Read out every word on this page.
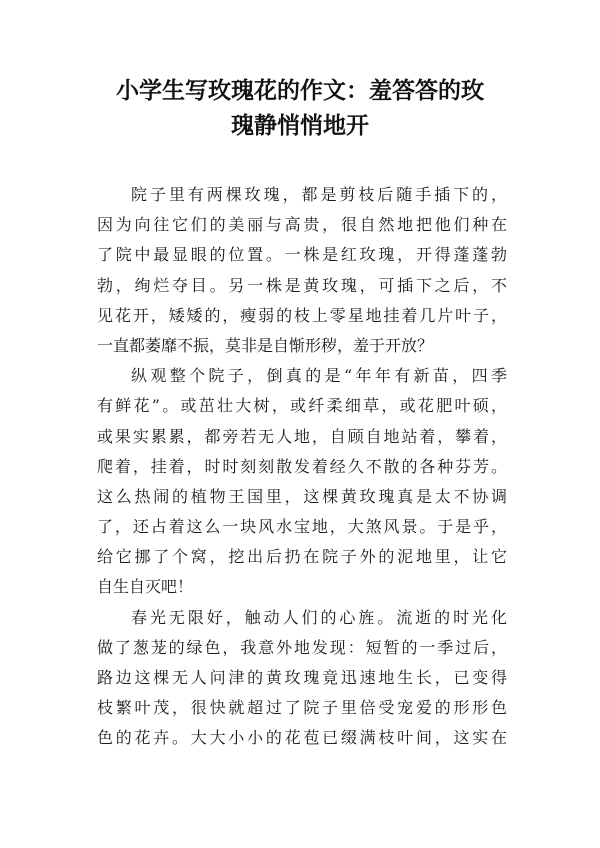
小学生写玫瑰花的作文：羞答答的玫
瑰静悄悄地开
院子里有两棵玫瑰，都是剪枝后随手插下的，
因为向往它们的美丽与高贵，很自然地把他们种在
了院中最显眼的位置。一株是红玫瑰，开得蓬蓬勃
勃，绚烂夺目。另一株是黄玫瑰，可插下之后，不
见花开，矮矮的，瘦弱的枝上零星地挂着几片叶子，
一直都萎靡不振，莫非是自惭形秽，羞于开放？
纵观整个院子，倒真的是“年年有新苗，四季
有鲜花”。或茁壮大树，或纤柔细草，或花肥叶硕，
或果实累累，都旁若无人地，自顾自地站着，攀着，
爬着，挂着，时时刻刻散发着经久不散的各种芬芳。
这么热闹的植物王国里，这棵黄玫瑰真是太不协调
了，还占着这么一块风水宝地，大煞风景。于是乎，
给它挪了个窝，挖出后扔在院子外的泥地里，让它
自生自灭吧！
春光无限好，触动人们的心旌。流逝的时光化
做了葱茏的绿色，我意外地发现：短暂的一季过后，
路边这棵无人问津的黄玫瑰竟迅速地生长，已变得
枝繁叶茂，很快就超过了院子里倍受宠爱的形形色
色的花卉。大大小小的花苞已缀满枝叶间，这实在
